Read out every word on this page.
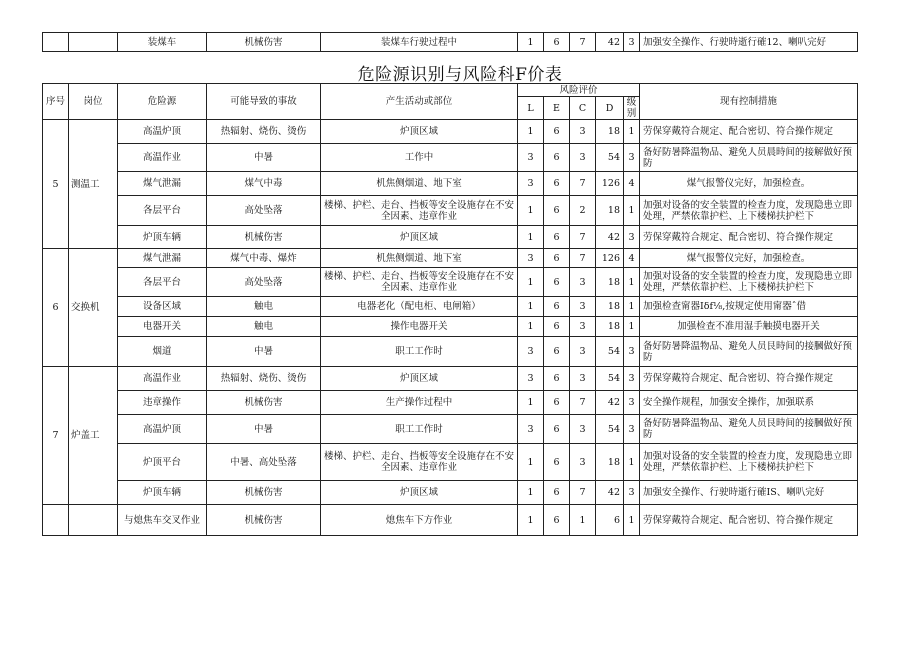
		装煤车	机械伤害	装煤车行驶过程中	1	6	7	42	3	加强安全操作、行驶時逝行確12、喇叭完好
危险源识别与风险科F价表
序号	岗位	危险源	可能导致的事故	产生活动或部位	风险评价					现有控制措施
					L	E	C	D	级别	
5	测温工	高温炉顶	热辐射、烧伤、烫伤	炉顶区域	1	6	3	18	1	劳保穿戴符合规定、配合密切、符合操作规定
		高温作业	中暑	工作中	3	6	3	54	3	备好防暑降温物品、避免人员晨時间的接解做好预防
		煤气泄漏	煤气中毒	机焦侧烟道、地下室	3	6	7	126	4	煤气报警仪完好，加强检查。
		各层平台	高处坠落	楼梯、护栏、走台、挡板等安全设施存在不安全因素、违章作业	1	6	2	18	1	加强对设备的安全装置的检查力度，发现隐患立即处理，严禁依靠护栏、上下楼梯扶护栏下
		炉顶车辆	机械伤害	炉顶区域	1	6	7	42	3	劳保穿戴符合规定、配合密切、符合操作规定
6	交换机	煤气泄漏	煤气中毒、爆炸	机焦侧烟道、地下室	3	6	7	126	4	煤气报警仪完好，加强检查。
		各层平台	高处坠落	楼梯、护栏、走台、挡板等安全设施存在不安全因素、违章作业	1	6	3	18	1	加强对设备的安全装置的检查力度，发现隐患立即处理，严禁依靠护栏、上下楼梯扶护栏下
		设备区域	触电	电器老化（配电柜、电闸箱）	1	6	3	18	1	加强检查甯器Iδf⅛,按规定使用甯器ˆ借
		电器开关	触电	操作电器开关	1	6	3	18	1	加强检查不准用湿手触摸电器开关
		烟道	中暑	职工工作时	3	6	3	54	3	备好防暑降温物品、避免人员艮時间的接膕做好预防
7	炉盖工	高温作业	热辐射、烧伤、烫伤	炉顶区域	3	6	3	54	3	劳保穿戴符合规定、配合密切、符合操作规定
		违章操作	机械伤害	生产操作过程中	1	6	7	42	3	安全操作规程，加强安全操作，加强联系
		高温炉顶	中暑	职工工作时	3	6	3	54	3	备好防暑降温物品、避免人员艮時间的接膕做好预防
		炉顶平台	中暑、高处坠落	楼梯、护栏、走台、挡板等安全设施存在不安全因素、违章作业	1	6	3	18	1	加强对设备的安全装置的检查力度，发现隐患立即处理，严禁依靠护栏、上下楼梯扶护栏下
		炉顶车辆	机械伤害	炉顶区域	1	6	7	42	3	加强安全操作、行驶時逝行確IS、喇叭完好
		与熄焦车交叉作业	机械伤害	熄焦车下方作业	1	6	1	6	1	劳保穿戴符合规定、配合密切、符合操作规定
